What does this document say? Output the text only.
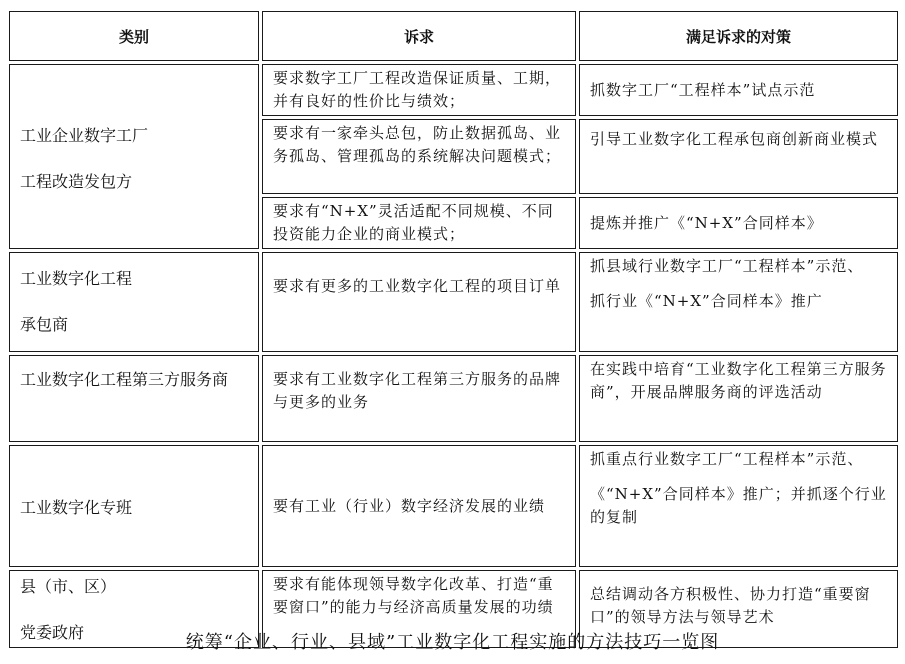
类别	诉求	满足诉求的对策

工业企业数字工厂
工程改造发包方	要求数字工厂工程改造保证质量、工期，并有良好的性价比与绩效；	抓数字工厂“工程样本”试点示范
	要求有一家牵头总包，防止数据孤岛、业务孤岛、管理孤岛的系统解决问题模式；	引导工业数字化工程承包商创新商业模式
	要求有“N+X”灵活适配不同规模、不同投资能力企业的商业模式；	提炼并推广《“N+X”合同样本》

工业数字化工程
承包商	要求有更多的工业数字化工程的项目订单	抓县域行业数字工厂“工程样本”示范、
抓行业《“N+X”合同样本》推广

工业数字化工程第三方服务商	要求有工业数字化工程第三方服务的品牌与更多的业务	在实践中培育“工业数字化工程第三方服务商”，开展品牌服务商的评选活动
工业数字化专班	要有工业（行业）数字经济发展的业绩	抓重点行业数字工厂“工程样本”示范、
《“N+X”合同样本》推广；并抓逐个行业的复制

县（市、区）
党委政府	要求有能体现领导数字化改革、打造“重要窗口”的能力与经济高质量发展的功绩	总结调动各方积极性、协力打造“重要窗口”的领导方法与领导艺术
统筹“企业、行业、县域”工业数字化工程实施的方法技巧一览图
